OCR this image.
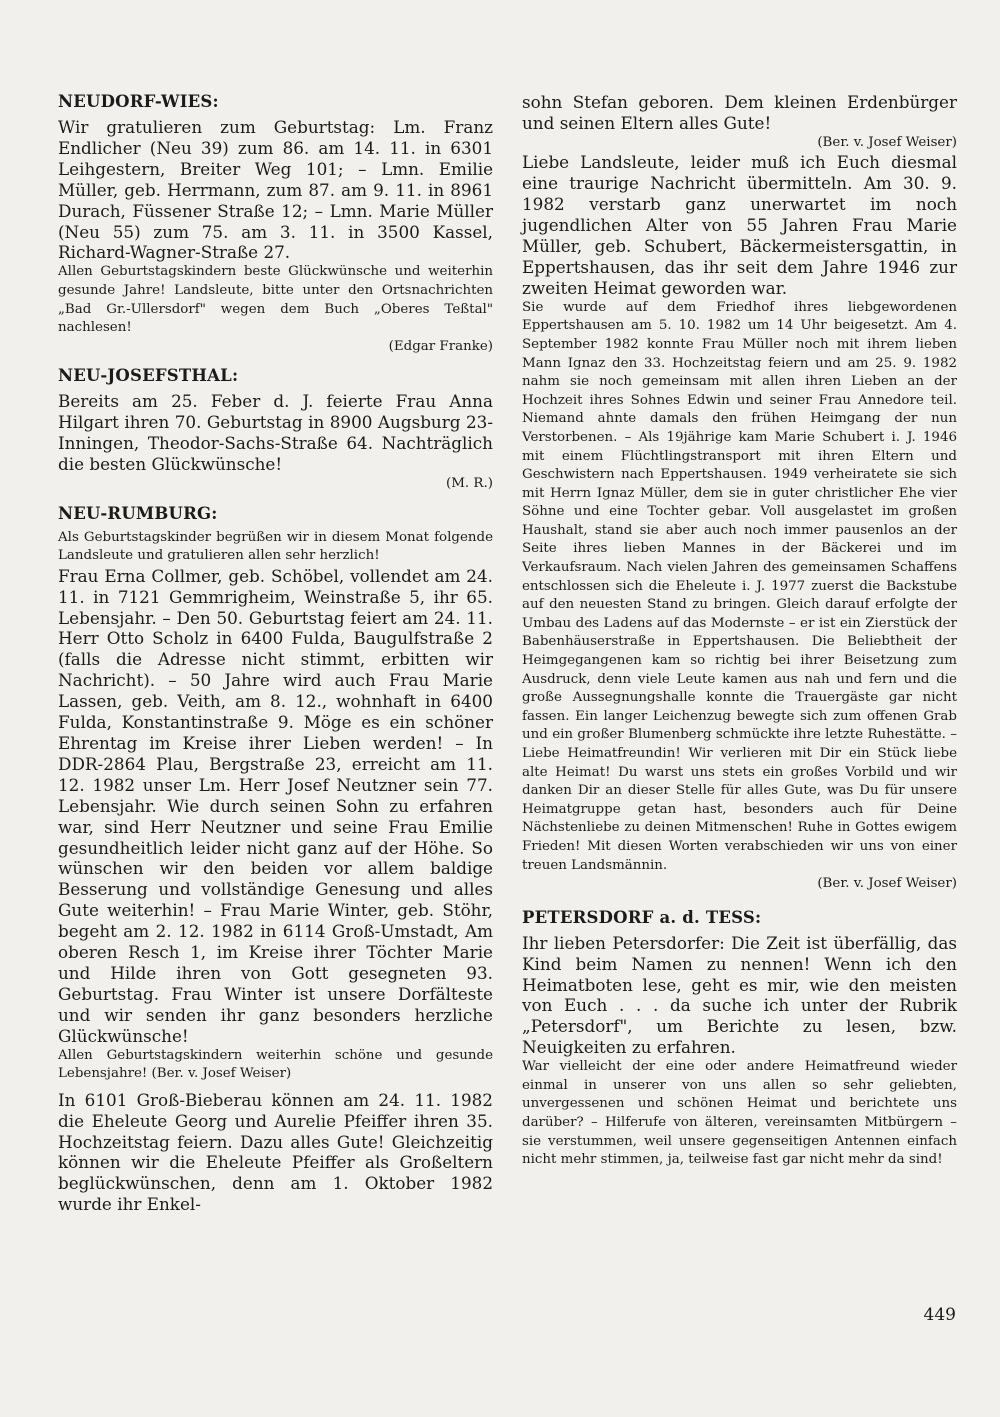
NEUDORF-WIES:

Wir gratulieren zum Geburtstag: Lm. Franz Endlicher (Neu 39) zum 86. am 14. 11. in 6301 Leihgestern, Breiter Weg 101; – Lmn. Emilie Müller, geb. Herrmann, zum 87. am 9. 11. in 8961 Durach, Füssener Straße 12; – Lmn. Marie Müller (Neu 55) zum 75. am 3. 11. in 3500 Kassel, Richard-Wagner-Straße 27.

Allen Geburtstagskindern beste Glückwünsche und weiterhin gesunde Jahre! Landsleute, bitte unter den Ortsnachrichten „Bad Gr.-Ullersdorf" wegen dem Buch „Oberes Teßtal" nachlesen!

(Edgar Franke)

NEU-JOSEFSTHAL:

Bereits am 25. Feber d. J. feierte Frau Anna Hilgart ihren 70. Geburtstag in 8900 Augsburg 23-Inningen, Theodor-Sachs-Straße 64. Nachträglich die besten Glückwünsche!

(M. R.)

NEU-RUMBURG:

Als Geburtstagskinder begrüßen wir in diesem Monat folgende Landsleute und gratulieren allen sehr herzlich!

Frau Erna Collmer, geb. Schöbel, vollendet am 24. 11. in 7121 Gemmrigheim, Weinstraße 5, ihr 65. Lebensjahr. – Den 50. Geburtstag feiert am 24. 11. Herr Otto Scholz in 6400 Fulda, Baugulfstraße 2 (falls die Adresse nicht stimmt, erbitten wir Nachricht). – 50 Jahre wird auch Frau Marie Lassen, geb. Veith, am 8. 12., wohnhaft in 6400 Fulda, Konstantinstraße 9. Möge es ein schöner Ehrentag im Kreise ihrer Lieben werden! – In DDR-2864 Plau, Bergstraße 23, erreicht am 11. 12. 1982 unser Lm. Herr Josef Neutzner sein 77. Lebensjahr. Wie durch seinen Sohn zu erfahren war, sind Herr Neutzner und seine Frau Emilie gesundheitlich leider nicht ganz auf der Höhe. So wünschen wir den beiden vor allem baldige Besserung und vollständige Genesung und alles Gute weiterhin! – Frau Marie Winter, geb. Stöhr, begeht am 2. 12. 1982 in 6114 Groß-Umstadt, Am oberen Resch 1, im Kreise ihrer Töchter Marie und Hilde ihren von Gott gesegneten 93. Geburtstag. Frau Winter ist unsere Dorfälteste und wir senden ihr ganz besonders herzliche Glückwünsche!

Allen Geburtstagskindern weiterhin schöne und gesunde Lebensjahre! (Ber. v. Josef Weiser)

In 6101 Groß-Bieberau können am 24. 11. 1982 die Eheleute Georg und Aurelie Pfeiffer ihren 35. Hochzeitstag feiern. Dazu alles Gute! Gleichzeitig können wir die Eheleute Pfeiffer als Großeltern beglückwünschen, denn am 1. Oktober 1982 wurde ihr Enkel-

sohn Stefan geboren. Dem kleinen Erdenbürger und seinen Eltern alles Gute!

(Ber. v. Josef Weiser)

Liebe Landsleute, leider muß ich Euch diesmal eine traurige Nachricht übermitteln. Am 30. 9. 1982 verstarb ganz unerwartet im noch jugendlichen Alter von 55 Jahren Frau Marie Müller, geb. Schubert, Bäckermeistersgattin, in Eppertshausen, das ihr seit dem Jahre 1946 zur zweiten Heimat geworden war.

Sie wurde auf dem Friedhof ihres liebgewordenen Eppertshausen am 5. 10. 1982 um 14 Uhr beigesetzt. Am 4. September 1982 konnte Frau Müller noch mit ihrem lieben Mann Ignaz den 33. Hochzeitstag feiern und am 25. 9. 1982 nahm sie noch gemeinsam mit allen ihren Lieben an der Hochzeit ihres Sohnes Edwin und seiner Frau Annedore teil. Niemand ahnte damals den frühen Heimgang der nun Verstorbenen. – Als 19jährige kam Marie Schubert i. J. 1946 mit einem Flüchtlingstransport mit ihren Eltern und Geschwistern nach Eppertshausen. 1949 verheiratete sie sich mit Herrn Ignaz Müller, dem sie in guter christlicher Ehe vier Söhne und eine Tochter gebar. Voll ausgelastet im großen Haushalt, stand sie aber auch noch immer pausenlos an der Seite ihres lieben Mannes in der Bäckerei und im Verkaufsraum. Nach vielen Jahren des gemeinsamen Schaffens entschlossen sich die Eheleute i. J. 1977 zuerst die Backstube auf den neuesten Stand zu bringen. Gleich darauf erfolgte der Umbau des Ladens auf das Modernste – er ist ein Zierstück der Babenhäuserstraße in Eppertshausen. Die Beliebtheit der Heimgegangenen kam so richtig bei ihrer Beisetzung zum Ausdruck, denn viele Leute kamen aus nah und fern und die große Aussegnungshalle konnte die Trauergäste gar nicht fassen. Ein langer Leichenzug bewegte sich zum offenen Grab und ein großer Blumenberg schmückte ihre letzte Ruhestätte. – Liebe Heimatfreundin! Wir verlieren mit Dir ein Stück liebe alte Heimat! Du warst uns stets ein großes Vorbild und wir danken Dir an dieser Stelle für alles Gute, was Du für unsere Heimatgruppe getan hast, besonders auch für Deine Nächstenliebe zu deinen Mitmenschen! Ruhe in Gottes ewigem Frieden! Mit diesen Worten verabschieden wir uns von einer treuen Landsmännin.

(Ber. v. Josef Weiser)

PETERSDORF a. d. TESS:

Ihr lieben Petersdorfer: Die Zeit ist überfällig, das Kind beim Namen zu nennen! Wenn ich den Heimatboten lese, geht es mir, wie den meisten von Euch . . . da suche ich unter der Rubrik „Petersdorf", um Berichte zu lesen, bzw. Neuigkeiten zu erfahren.

War vielleicht der eine oder andere Heimatfreund wieder einmal in unserer von uns allen so sehr geliebten, unvergessenen und schönen Heimat und berichtete uns darüber? – Hilferufe von älteren, vereinsamten Mitbürgern – sie verstummen, weil unsere gegenseitigen Antennen einfach nicht mehr stimmen, ja, teilweise fast gar nicht mehr da sind!

449
